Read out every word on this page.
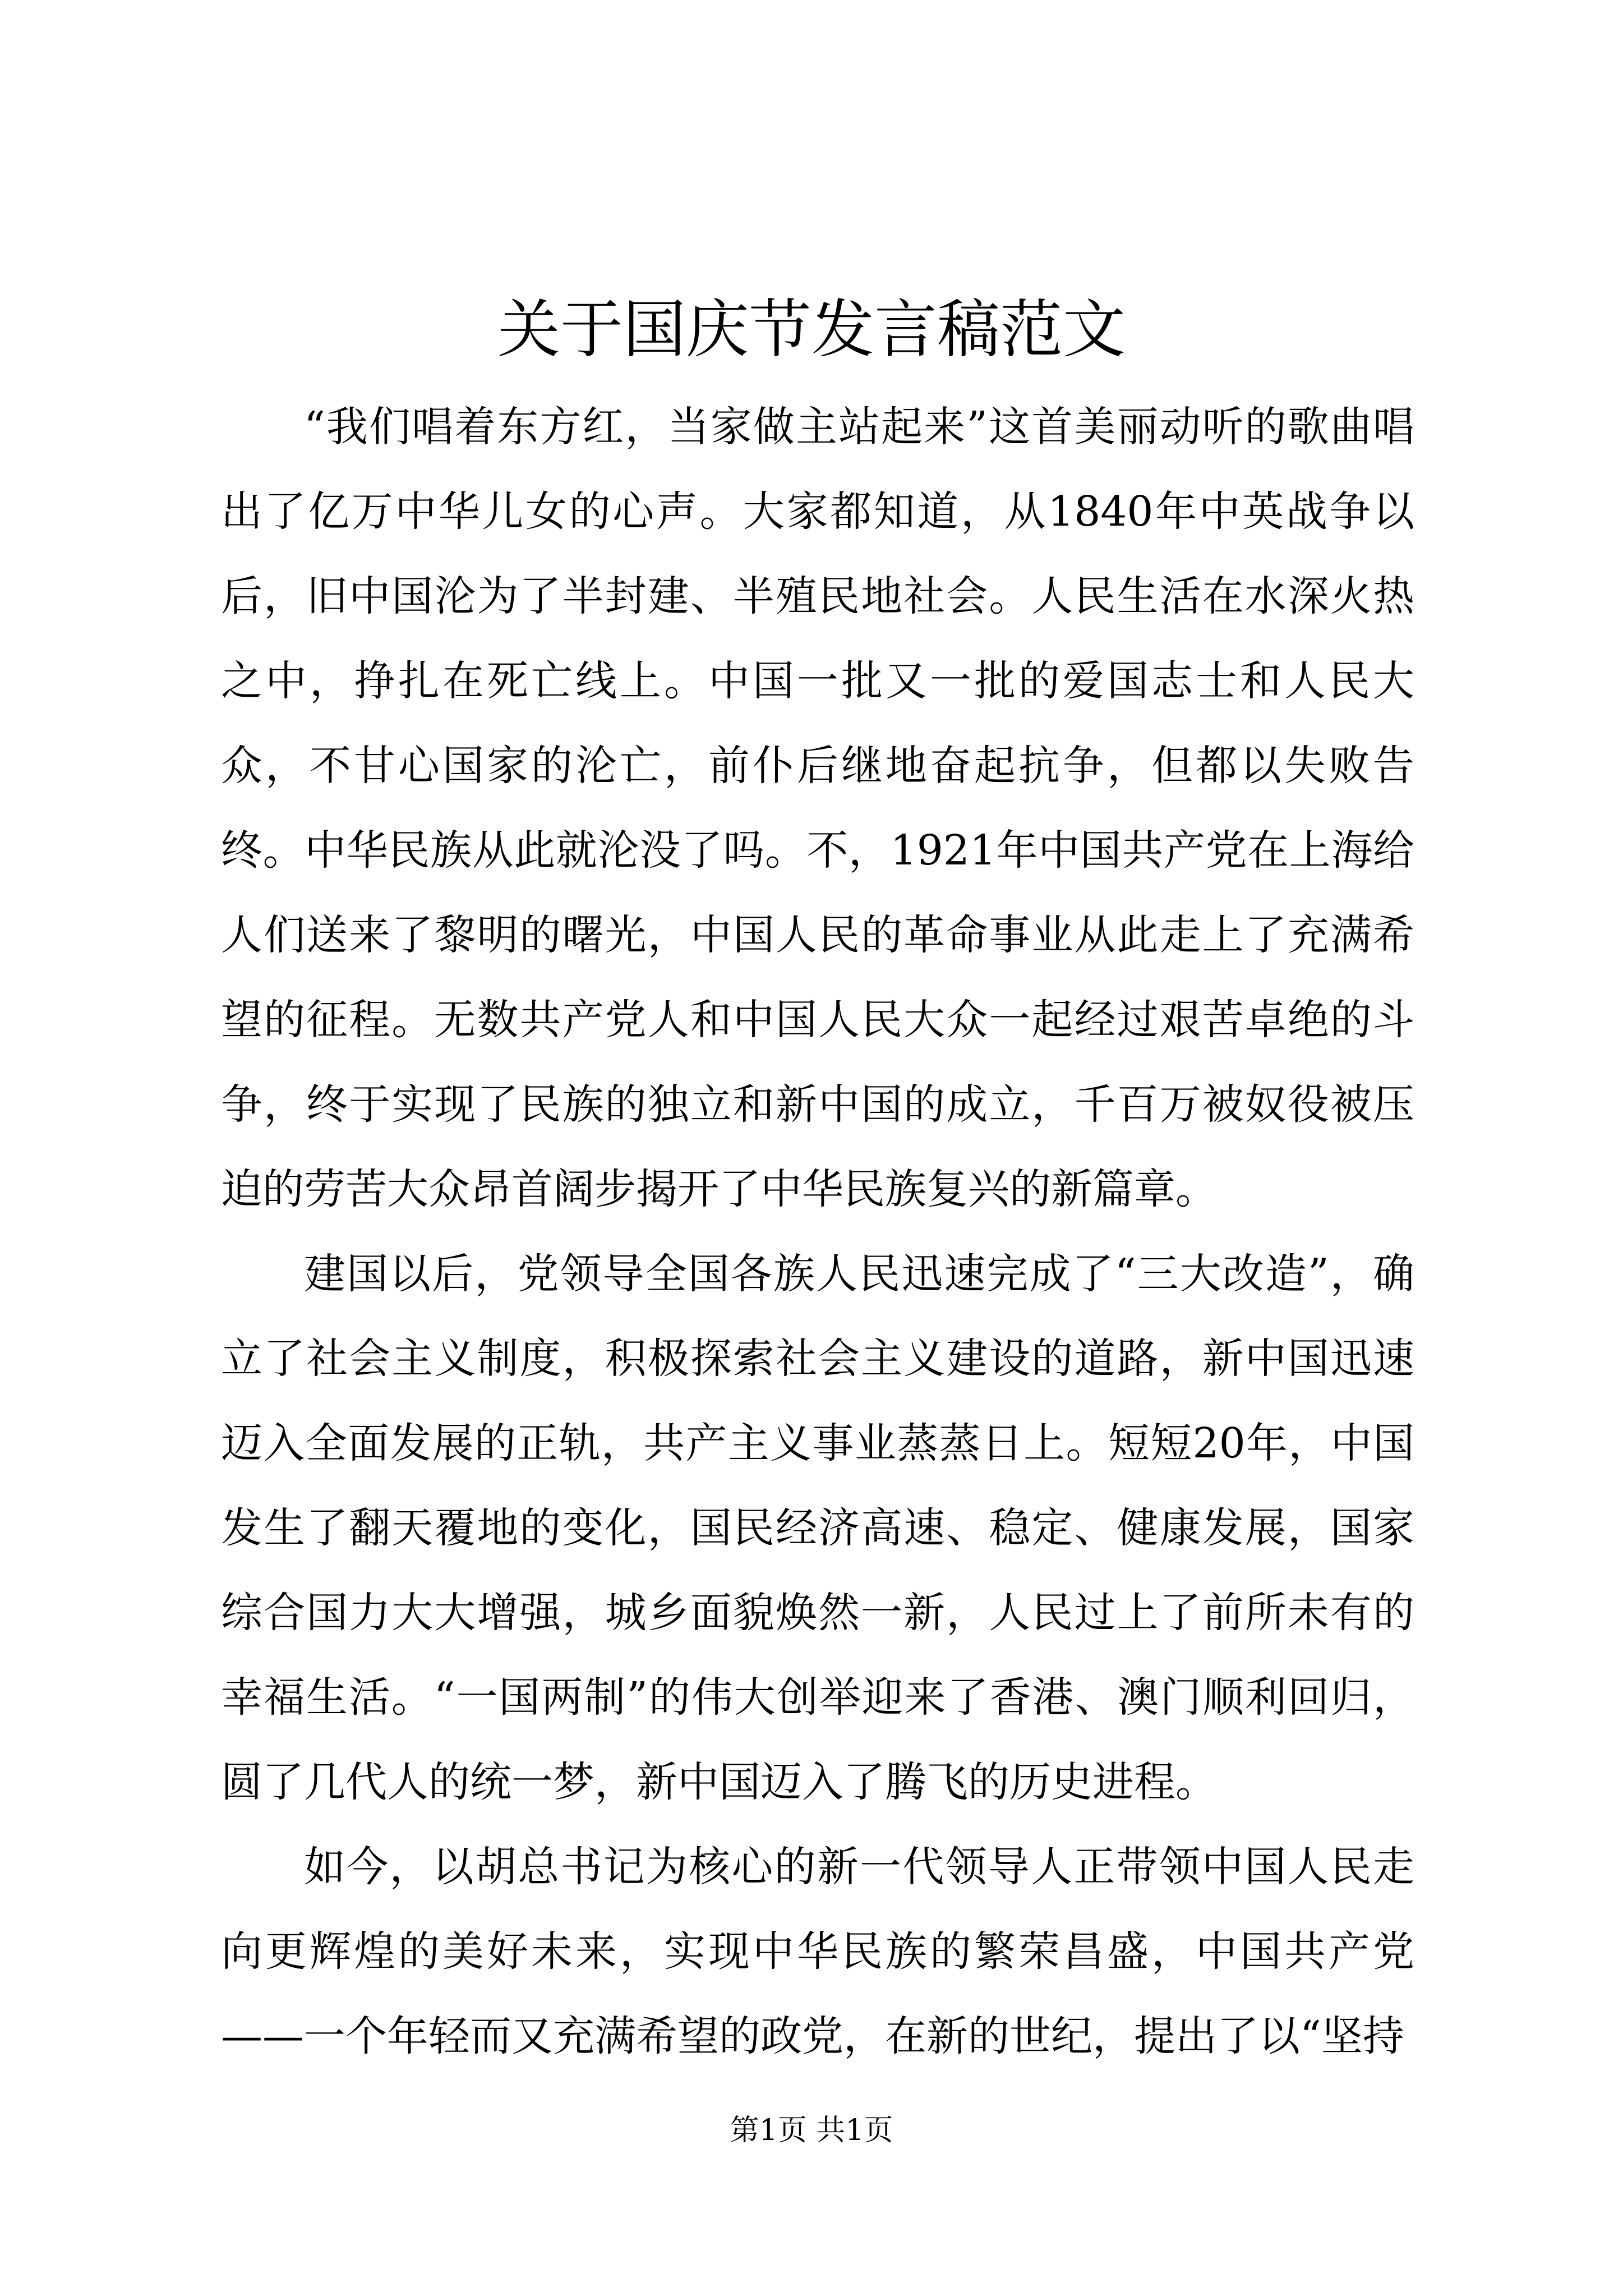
关于国庆节发言稿范文

“我们唱着东方红，当家做主站起来”这首美丽动听的歌曲唱出了亿万中华儿女的心声。大家都知道，从1840年中英战争以后，旧中国沦为了半封建、半殖民地社会。人民生活在水深火热之中，挣扎在死亡线上。中国一批又一批的爱国志士和人民大众，不甘心国家的沦亡，前仆后继地奋起抗争，但都以失败告终。中华民族从此就沦没了吗。不，1921年中国共产党在上海给人们送来了黎明的曙光，中国人民的革命事业从此走上了充满希望的征程。无数共产党人和中国人民大众一起经过艰苦卓绝的斗争，终于实现了民族的独立和新中国的成立，千百万被奴役被压迫的劳苦大众昂首阔步揭开了中华民族复兴的新篇章。

建国以后，党领导全国各族人民迅速完成了“三大改造”，确立了社会主义制度，积极探索社会主义建设的道路，新中国迅速迈入全面发展的正轨，共产主义事业蒸蒸日上。短短20年，中国发生了翻天覆地的变化，国民经济高速、稳定、健康发展，国家综合国力大大增强，城乡面貌焕然一新，人民过上了前所未有的幸福生活。“一国两制”的伟大创举迎来了香港、澳门顺利回归，圆了几代人的统一梦，新中国迈入了腾飞的历史进程。

如今，以胡总书记为核心的新一代领导人正带领中国人民走向更辉煌的美好未来，实现中华民族的繁荣昌盛，中国共产党——一个年轻而又充满希望的政党，在新的世纪，提出了以“坚持

第1页 共1页
